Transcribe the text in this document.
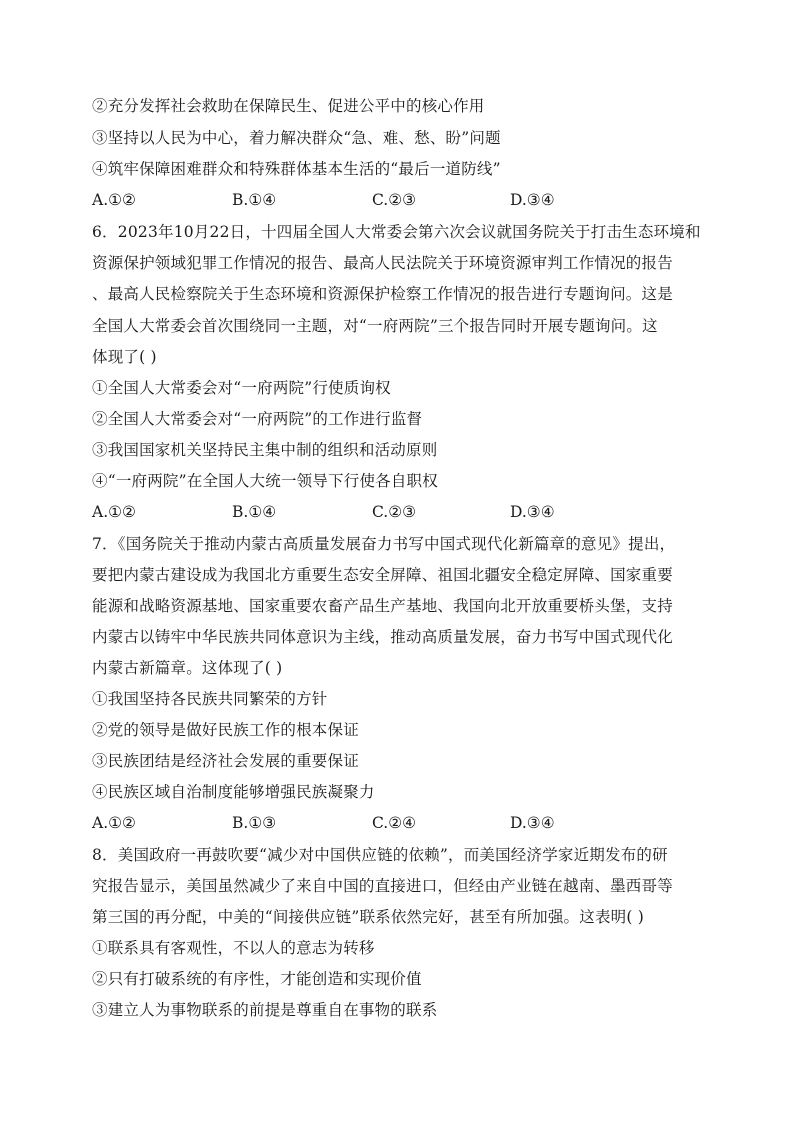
②充分发挥社会救助在保障民生、促进公平中的核心作用
③坚持以人民为中心，着力解决群众“急、难、愁、盼”问题
④筑牢保障困难群众和特殊群体基本生活的“最后一道防线”
A.①②	B.①④	C.②③	D.③④
6．2023年10月22日，十四届全国人大常委会第六次会议就国务院关于打击生态环境和
资源保护领域犯罪工作情况的报告、最高人民法院关于环境资源审判工作情况的报告
、最高人民检察院关于生态环境和资源保护检察工作情况的报告进行专题询问。这是
全国人大常委会首次围绕同一主题，对“一府两院”三个报告同时开展专题询问。这
体现了( )
①全国人大常委会对“一府两院”行使质询权
②全国人大常委会对“一府两院”的工作进行监督
③我国国家机关坚持民主集中制的组织和活动原则
④“一府两院”在全国人大统一领导下行使各自职权
A.①②	B.①④	C.②③	D.③④
7．《国务院关于推动内蒙古高质量发展奋力书写中国式现代化新篇章的意见》提出，
要把内蒙古建设成为我国北方重要生态安全屏障、祖国北疆安全稳定屏障、国家重要
能源和战略资源基地、国家重要农畜产品生产基地、我国向北开放重要桥头堡，支持
内蒙古以铸牢中华民族共同体意识为主线，推动高质量发展，奋力书写中国式现代化
内蒙古新篇章。这体现了( )
①我国坚持各民族共同繁荣的方针
②党的领导是做好民族工作的根本保证
③民族团结是经济社会发展的重要保证
④民族区域自治制度能够增强民族凝聚力
A.①②	B.①③	C.②④	D.③④
8．美国政府一再鼓吹要“减少对中国供应链的依赖”，而美国经济学家近期发布的研
究报告显示，美国虽然减少了来自中国的直接进口，但经由产业链在越南、墨西哥等
第三国的再分配，中美的“间接供应链”联系依然完好，甚至有所加强。这表明( )
①联系具有客观性，不以人的意志为转移
②只有打破系统的有序性，才能创造和实现价值
③建立人为事物联系的前提是尊重自在事物的联系
